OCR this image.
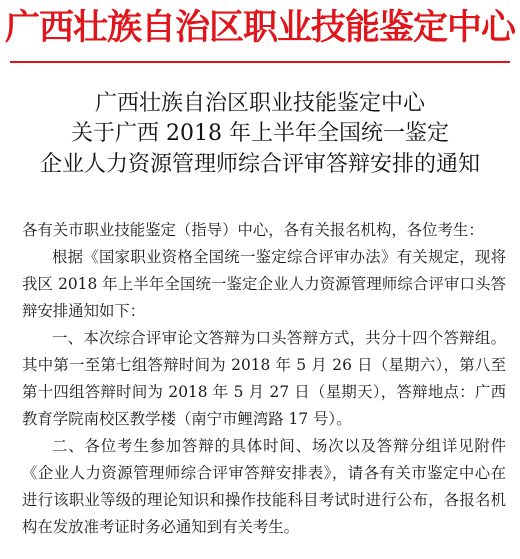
广西壮族自治区职业技能鉴定中心
广西壮族自治区职业技能鉴定中心
关于广西 2018 年上半年全国统一鉴定
企业人力资源管理师综合评审答辩安排的通知

各有关市职业技能鉴定（指导）中心，各有关报名机构，各位考生：

根据《国家职业资格全国统一鉴定综合评审办法》有关规定，现将我区 2018 年上半年全国统一鉴定企业人力资源管理师综合评审口头答辩安排通知如下：

一、本次综合评审论文答辩为口头答辩方式，共分十四个答辩组。其中第一至第七组答辩时间为 2018 年 5 月 26 日（星期六），第八至第十四组答辩时间为 2018 年 5 月 27 日（星期天），答辩地点：广西教育学院南校区教学楼（南宁市鲤湾路 17 号）。

二、各位考生参加答辩的具体时间、场次以及答辩分组详见附件《企业人力资源管理师综合评审答辩安排表》，请各有关市鉴定中心在进行该职业等级的理论知识和操作技能科目考试时进行公布，各报名机构在发放准考证时务必通知到有关考生。
